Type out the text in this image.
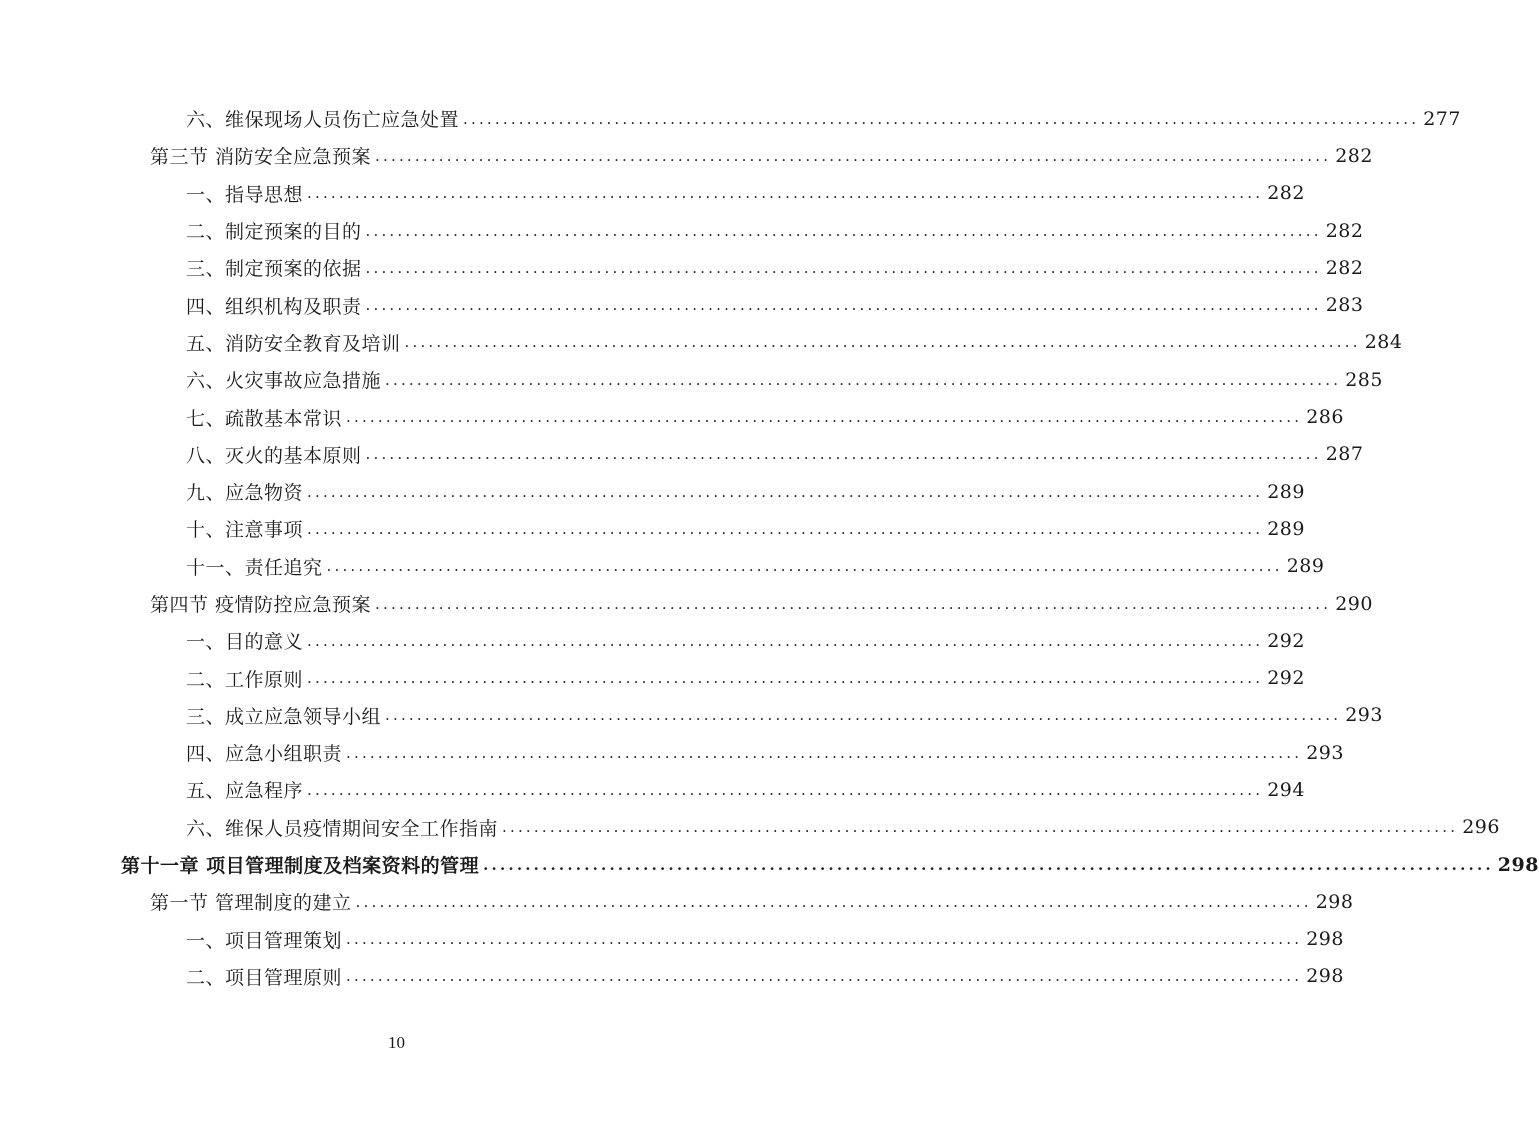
六、维保现场人员伤亡应急处置 ........................................................................................................................ 277
第三节 消防安全应急预案 ........................................................................................................................ 282
一、指导思想 ........................................................................................................................ 282
二、制定预案的目的 ........................................................................................................................ 282
三、制定预案的依据 ........................................................................................................................ 282
四、组织机构及职责 ........................................................................................................................ 283
五、消防安全教育及培训 ........................................................................................................................ 284
六、火灾事故应急措施 ........................................................................................................................ 285
七、疏散基本常识 ........................................................................................................................ 286
八、灭火的基本原则 ........................................................................................................................ 287
九、应急物资 ........................................................................................................................ 289
十、注意事项 ........................................................................................................................ 289
十一、责任追究 ........................................................................................................................ 289
第四节 疫情防控应急预案 ........................................................................................................................ 290
一、目的意义 ........................................................................................................................ 292
二、工作原则 ........................................................................................................................ 292
三、成立应急领导小组 ........................................................................................................................ 293
四、应急小组职责 ........................................................................................................................ 293
五、应急程序 ........................................................................................................................ 294
六、维保人员疫情期间安全工作指南 ........................................................................................................................ 296
第十一章 项目管理制度及档案资料的管理 ........................................................................................................................ 298
第一节 管理制度的建立 ........................................................................................................................ 298
一、项目管理策划 ........................................................................................................................ 298
二、项目管理原则 ........................................................................................................................ 298
10
